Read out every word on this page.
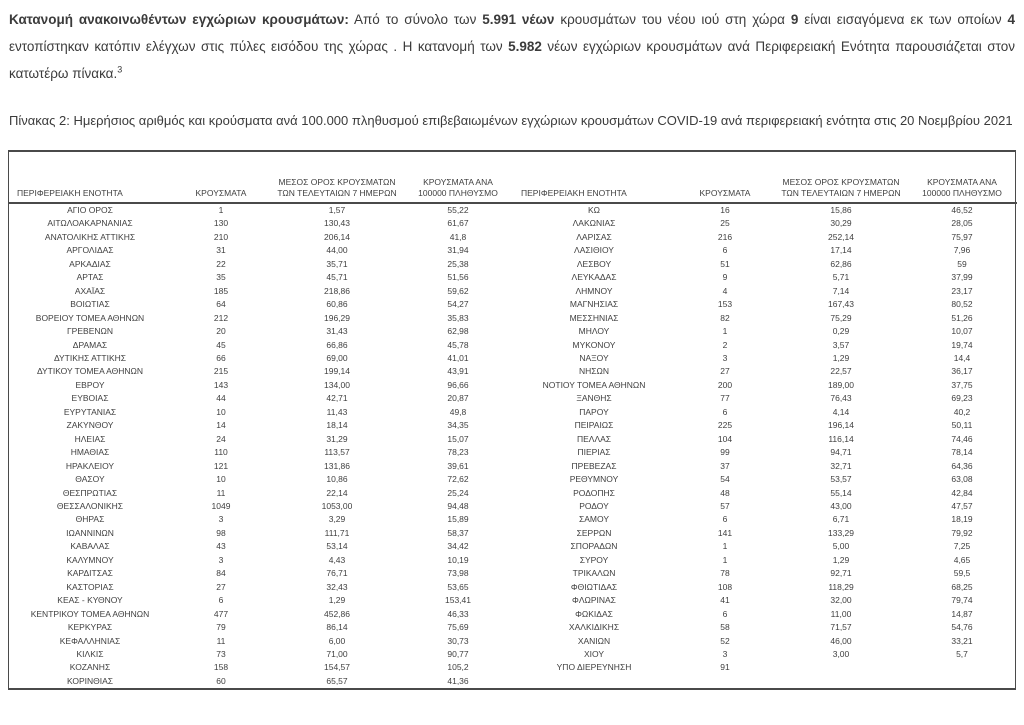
Κατανομή ανακοινωθέντων εγχώριων κρουσμάτων: Από το σύνολο των 5.991 νέων κρουσμάτων του νέου ιού στη χώρα 9 είναι εισαγόμενα εκ των οποίων 4 εντοπίστηκαν κατόπιν ελέγχων στις πύλες εισόδου της χώρας . Η κατανομή των 5.982 νέων εγχώριων κρουσμάτων ανά Περιφερειακή Ενότητα παρουσιάζεται στον κατωτέρω πίνακα.$^3$

Πίνακας 2: Ημερήσιος αριθμός και κρούσματα ανά 100.000 πληθυσμού επιβεβαιωμένων εγχώριων κρουσμάτων COVID-19 ανά περιφερειακή ενότητα στις 20 Νοεμβρίου 2021

ΠΕΡΙΦΕΡΕΙΑΚΗ ΕΝΟΤΗΤΑ	ΚΡΟΥΣΜΑΤΑ	ΜΕΣΟΣ ΟΡΟΣ ΚΡΟΥΣΜΑΤΩΝ ΤΩΝ ΤΕΛΕΥΤΑΙΩΝ 7 ΗΜΕΡΩΝ	ΚΡΟΥΣΜΑΤΑ ΑΝΑ 100000 ΠΛΗΘΥΣΜΟ
ΑΓΙΟ ΟΡΟΣ	1	1,57	55,22
ΑΙΤΩΛΟΑΚΑΡΝΑΝΙΑΣ	130	130,43	61,67
ΑΝΑΤΟΛΙΚΗΣ ΑΤΤΙΚΗΣ	210	206,14	41,8
ΑΡΓΟΛΙΔΑΣ	31	44,00	31,94
ΑΡΚΑΔΙΑΣ	22	35,71	25,38
ΑΡΤΑΣ	35	45,71	51,56
ΑΧΑΪΑΣ	185	218,86	59,62
ΒΟΙΩΤΙΑΣ	64	60,86	54,27
ΒΟΡΕΙΟΥ ΤΟΜΕΑ ΑΘΗΝΩΝ	212	196,29	35,83
ΓΡΕΒΕΝΩΝ	20	31,43	62,98
ΔΡΑΜΑΣ	45	66,86	45,78
ΔΥΤΙΚΗΣ ΑΤΤΙΚΗΣ	66	69,00	41,01
ΔΥΤΙΚΟΥ ΤΟΜΕΑ ΑΘΗΝΩΝ	215	199,14	43,91
ΕΒΡΟΥ	143	134,00	96,66
ΕΥΒΟΙΑΣ	44	42,71	20,87
ΕΥΡΥΤΑΝΙΑΣ	10	11,43	49,8
ΖΑΚΥΝΘΟΥ	14	18,14	34,35
ΗΛΕΙΑΣ	24	31,29	15,07
ΗΜΑΘΙΑΣ	110	113,57	78,23
ΗΡΑΚΛΕΙΟΥ	121	131,86	39,61
ΘΑΣΟΥ	10	10,86	72,62
ΘΕΣΠΡΩΤΙΑΣ	11	22,14	25,24
ΘΕΣΣΑΛΟΝΙΚΗΣ	1049	1053,00	94,48
ΘΗΡΑΣ	3	3,29	15,89
ΙΩΑΝΝΙΝΩΝ	98	111,71	58,37
ΚΑΒΑΛΑΣ	43	53,14	34,42
ΚΑΛΥΜΝΟΥ	3	4,43	10,19
ΚΑΡΔΙΤΣΑΣ	84	76,71	73,98
ΚΑΣΤΟΡΙΑΣ	27	32,43	53,65
ΚΕΑΣ - ΚΥΘΝΟΥ	6	1,29	153,41
ΚΕΝΤΡΙΚΟΥ ΤΟΜΕΑ ΑΘΗΝΩΝ	477	452,86	46,33
ΚΕΡΚΥΡΑΣ	79	86,14	75,69
ΚΕΦΑΛΛΗΝΙΑΣ	11	6,00	30,73
ΚΙΛΚΙΣ	73	71,00	90,77
ΚΟΖΑΝΗΣ	158	154,57	105,2
ΚΟΡΙΝΘΙΑΣ	60	65,57	41,36
ΠΕΡΙΦΕΡΕΙΑΚΗ ΕΝΟΤΗΤΑ	ΚΡΟΥΣΜΑΤΑ	ΜΕΣΟΣ ΟΡΟΣ ΚΡΟΥΣΜΑΤΩΝ ΤΩΝ ΤΕΛΕΥΤΑΙΩΝ 7 ΗΜΕΡΩΝ	ΚΡΟΥΣΜΑΤΑ ΑΝΑ 100000 ΠΛΗΘΥΣΜΟ
ΚΩ	16	15,86	46,52
ΛΑΚΩΝΙΑΣ	25	30,29	28,05
ΛΑΡΙΣΑΣ	216	252,14	75,97
ΛΑΣΙΘΙΟΥ	6	17,14	7,96
ΛΕΣΒΟΥ	51	62,86	59
ΛΕΥΚΑΔΑΣ	9	5,71	37,99
ΛΗΜΝΟΥ	4	7,14	23,17
ΜΑΓΝΗΣΙΑΣ	153	167,43	80,52
ΜΕΣΣΗΝΙΑΣ	82	75,29	51,26
ΜΗΛΟΥ	1	0,29	10,07
ΜΥΚΟΝΟΥ	2	3,57	19,74
ΝΑΞΟΥ	3	1,29	14,4
ΝΗΣΩΝ	27	22,57	36,17
ΝΟΤΙΟΥ ΤΟΜΕΑ ΑΘΗΝΩΝ	200	189,00	37,75
ΞΑΝΘΗΣ	77	76,43	69,23
ΠΑΡΟΥ	6	4,14	40,2
ΠΕΙΡΑΙΩΣ	225	196,14	50,11
ΠΕΛΛΑΣ	104	116,14	74,46
ΠΙΕΡΙΑΣ	99	94,71	78,14
ΠΡΕΒΕΖΑΣ	37	32,71	64,36
ΡΕΘΥΜΝΟΥ	54	53,57	63,08
ΡΟΔΟΠΗΣ	48	55,14	42,84
ΡΟΔΟΥ	57	43,00	47,57
ΣΑΜΟΥ	6	6,71	18,19
ΣΕΡΡΩΝ	141	133,29	79,92
ΣΠΟΡΑΔΩΝ	1	5,00	7,25
ΣΥΡΟΥ	1	1,29	4,65
ΤΡΙΚΑΛΩΝ	78	92,71	59,5
ΦΘΙΩΤΙΔΑΣ	108	118,29	68,25
ΦΛΩΡΙΝΑΣ	41	32,00	79,74
ΦΩΚΙΔΑΣ	6	11,00	14,87
ΧΑΛΚΙΔΙΚΗΣ	58	71,57	54,76
ΧΑΝΙΩΝ	52	46,00	33,21
ΧΙΟΥ	3	3,00	5,7
ΥΠΟ ΔΙΕΡΕΥΝΗΣΗ	91		
